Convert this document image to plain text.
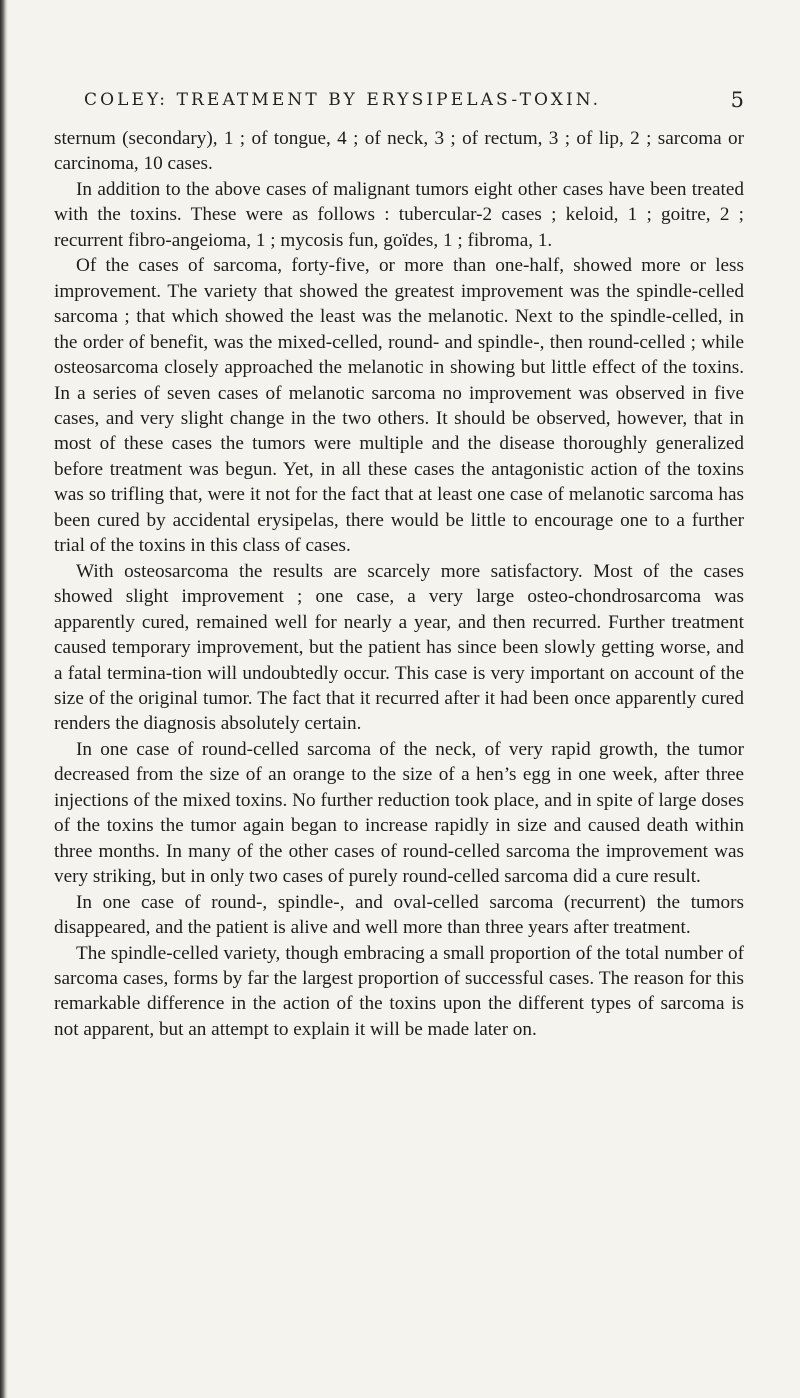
COLEY: TREATMENT BY ERYSIPELAS-TOXIN.	5

sternum (secondary), 1 ; of tongue, 4 ; of neck, 3 ; of rectum, 3 ; of lip, 2 ; sarcoma or carcinoma, 10 cases.

In addition to the above cases of malignant tumors eight other cases have been treated with the toxins. These were as follows : tubercular-2 cases ; keloid, 1 ; goitre, 2 ; recurrent fibro-angeioma, 1 ; mycosis fun, goïdes, 1 ; fibroma, 1.

Of the cases of sarcoma, forty-five, or more than one-half, showed more or less improvement. The variety that showed the greatest improvement was the spindle-celled sarcoma ; that which showed the least was the melanotic. Next to the spindle-celled, in the order of benefit, was the mixed-celled, round- and spindle-, then round-celled ; while osteosarcoma closely approached the melanotic in showing but little effect of the toxins. In a series of seven cases of melanotic sarcoma no improvement was observed in five cases, and very slight change in the two others. It should be observed, however, that in most of these cases the tumors were multiple and the disease thoroughly generalized before treatment was begun. Yet, in all these cases the antagonistic action of the toxins was so trifling that, were it not for the fact that at least one case of melanotic sarcoma has been cured by accidental erysipelas, there would be little to encourage one to a further trial of the toxins in this class of cases.

With osteosarcoma the results are scarcely more satisfactory. Most of the cases showed slight improvement ; one case, a very large osteo-chondrosarcoma was apparently cured, remained well for nearly a year, and then recurred. Further treatment caused temporary improvement, but the patient has since been slowly getting worse, and a fatal termina-tion will undoubtedly occur. This case is very important on account of the size of the original tumor. The fact that it recurred after it had been once apparently cured renders the diagnosis absolutely certain.

In one case of round-celled sarcoma of the neck, of very rapid growth, the tumor decreased from the size of an orange to the size of a hen’s egg in one week, after three injections of the mixed toxins. No further reduction took place, and in spite of large doses of the toxins the tumor again began to increase rapidly in size and caused death within three months. In many of the other cases of round-celled sarcoma the improvement was very striking, but in only two cases of purely round-celled sarcoma did a cure result.

In one case of round-, spindle-, and oval-celled sarcoma (recurrent) the tumors disappeared, and the patient is alive and well more than three years after treatment.

The spindle-celled variety, though embracing a small proportion of the total number of sarcoma cases, forms by far the largest proportion of successful cases. The reason for this remarkable difference in the action of the toxins upon the different types of sarcoma is not apparent, but an attempt to explain it will be made later on.
